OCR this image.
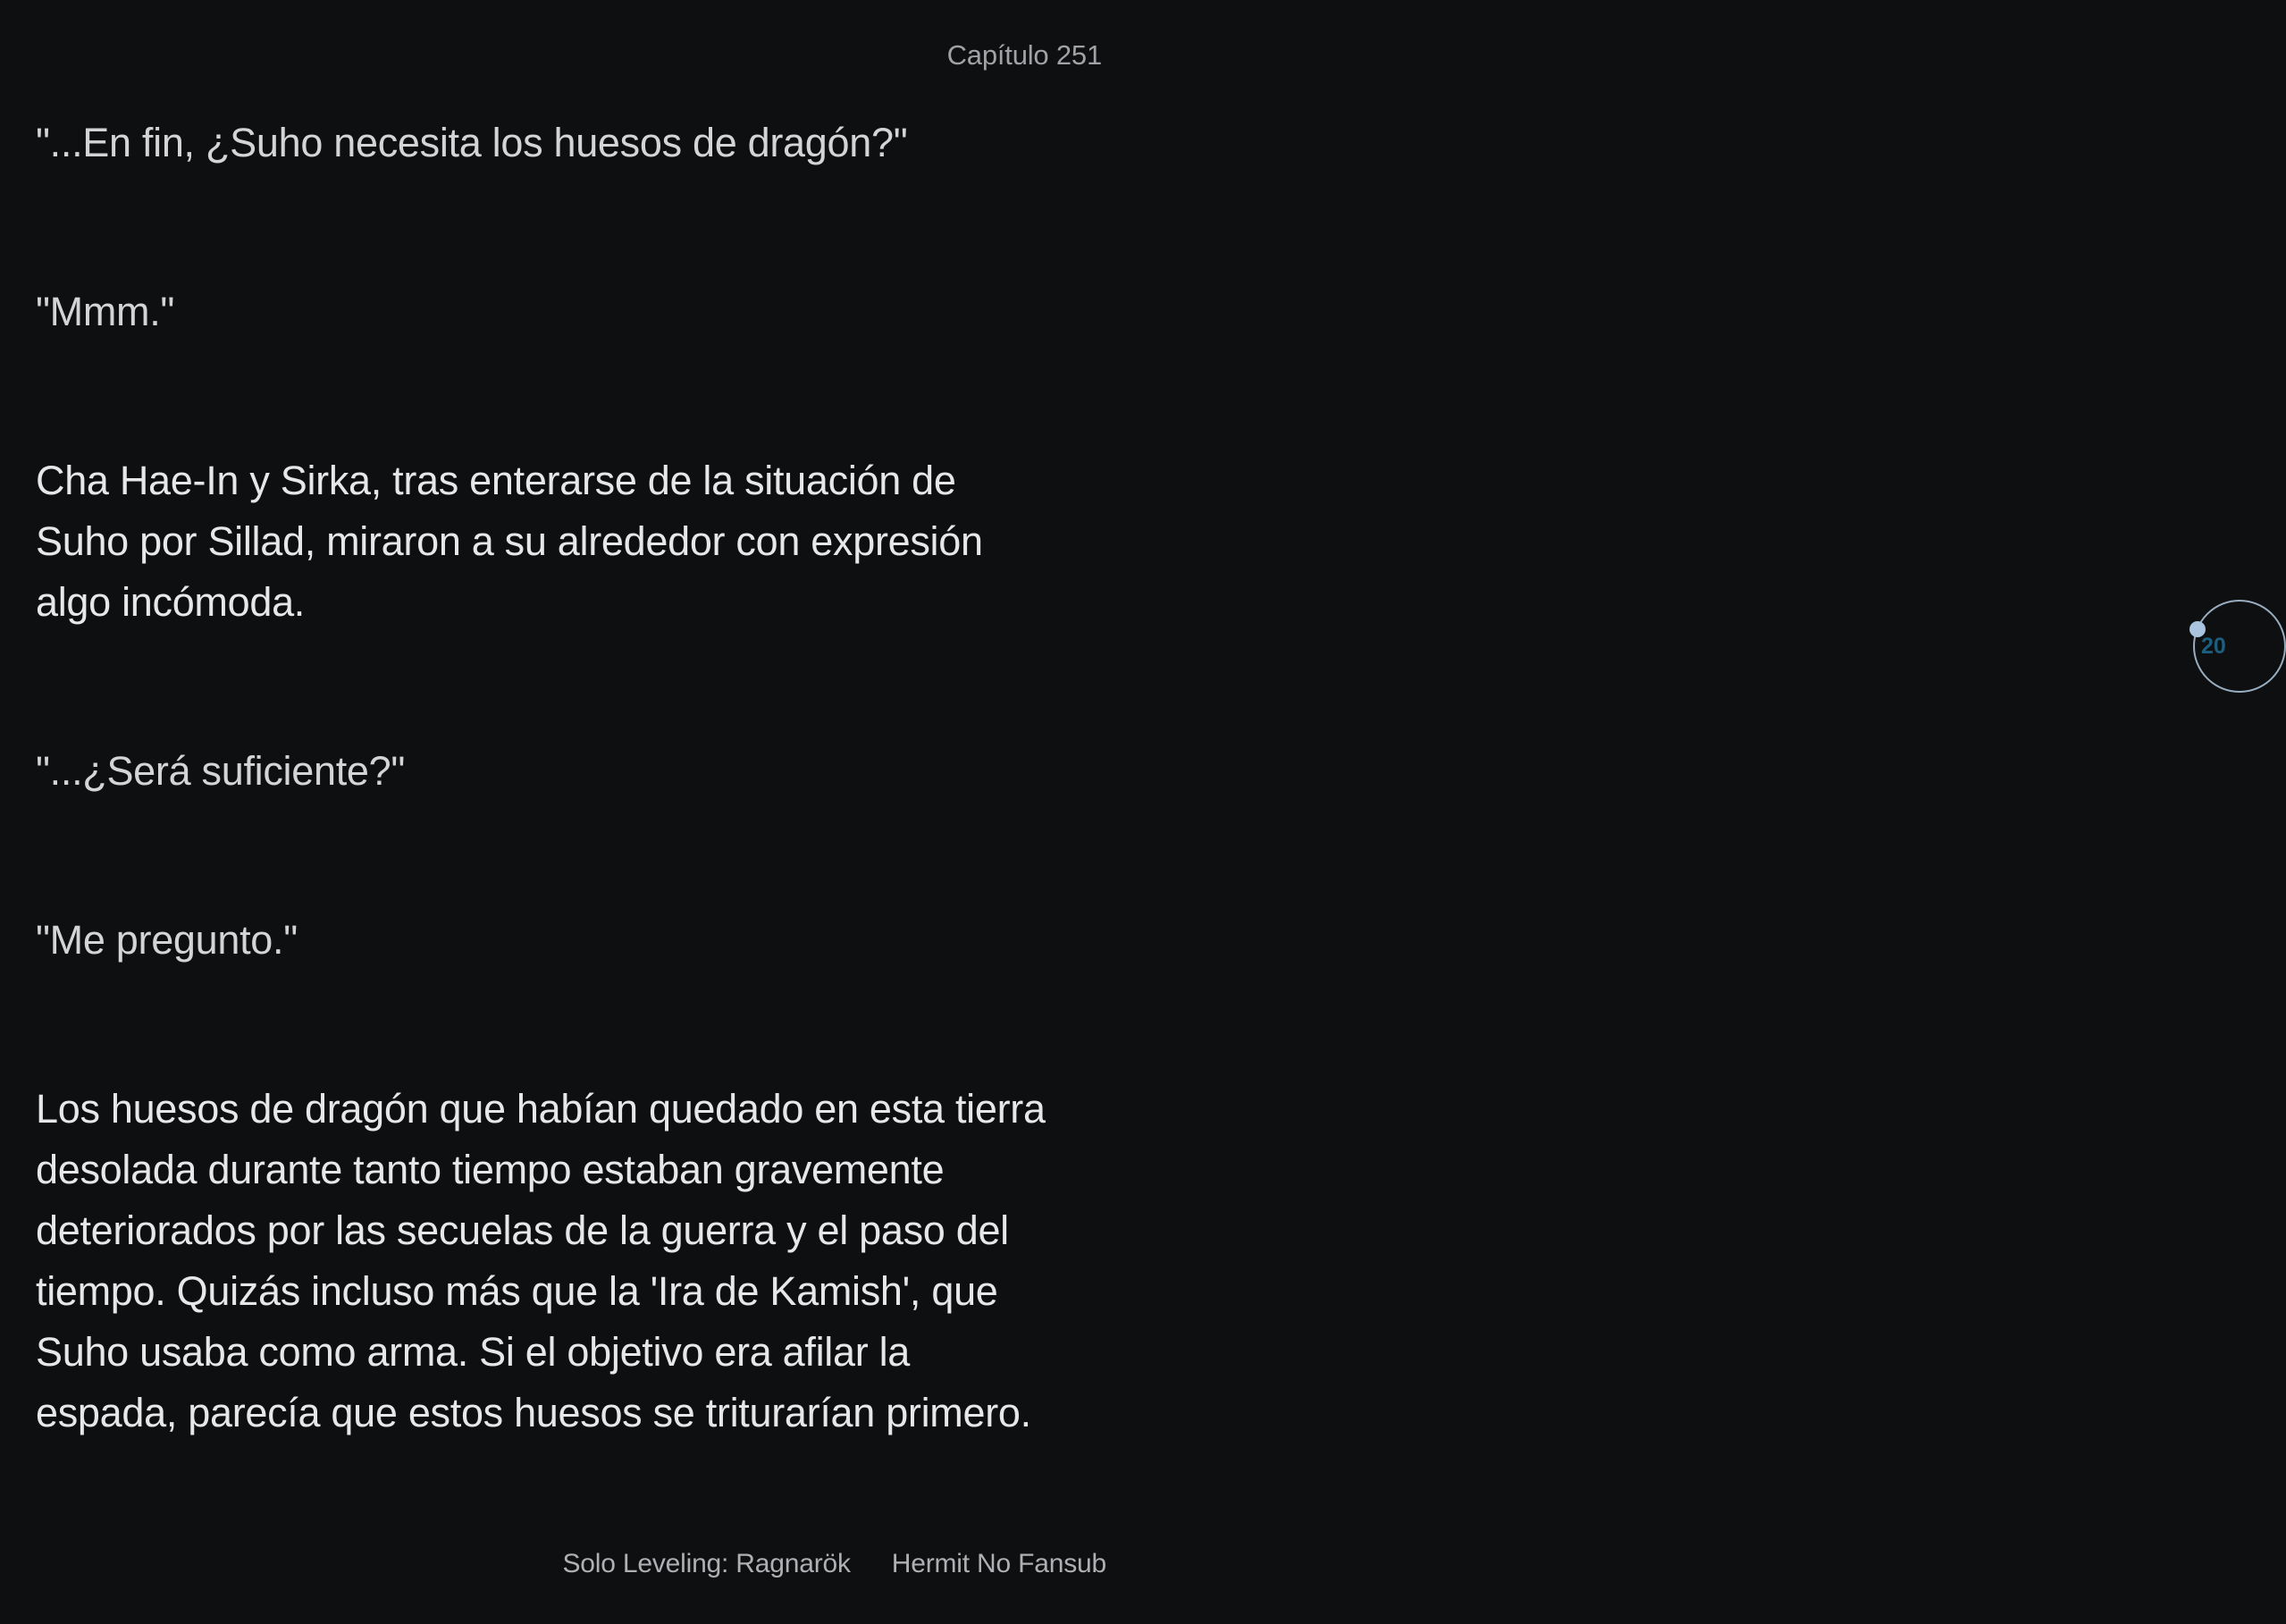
Capítulo 251
"...En fin, ¿Suho necesita los huesos de dragón?"
"Mmm."
Cha Hae-In y Sirka, tras enterarse de la situación de
Suho por Sillad, miraron a su alrededor con expresión
algo incómoda.
"...¿Será suficiente?"
"Me pregunto."
Los huesos de dragón que habían quedado en esta tierra
desolada durante tanto tiempo estaban gravemente
deteriorados por las secuelas de la guerra y el paso del
tiempo. Quizás incluso más que la 'Ira de Kamish', que
Suho usaba como arma. Si el objetivo era afilar la
espada, parecía que estos huesos se triturarían primero.
20
Solo Leveling: Ragnarök Hermit No Fansub
